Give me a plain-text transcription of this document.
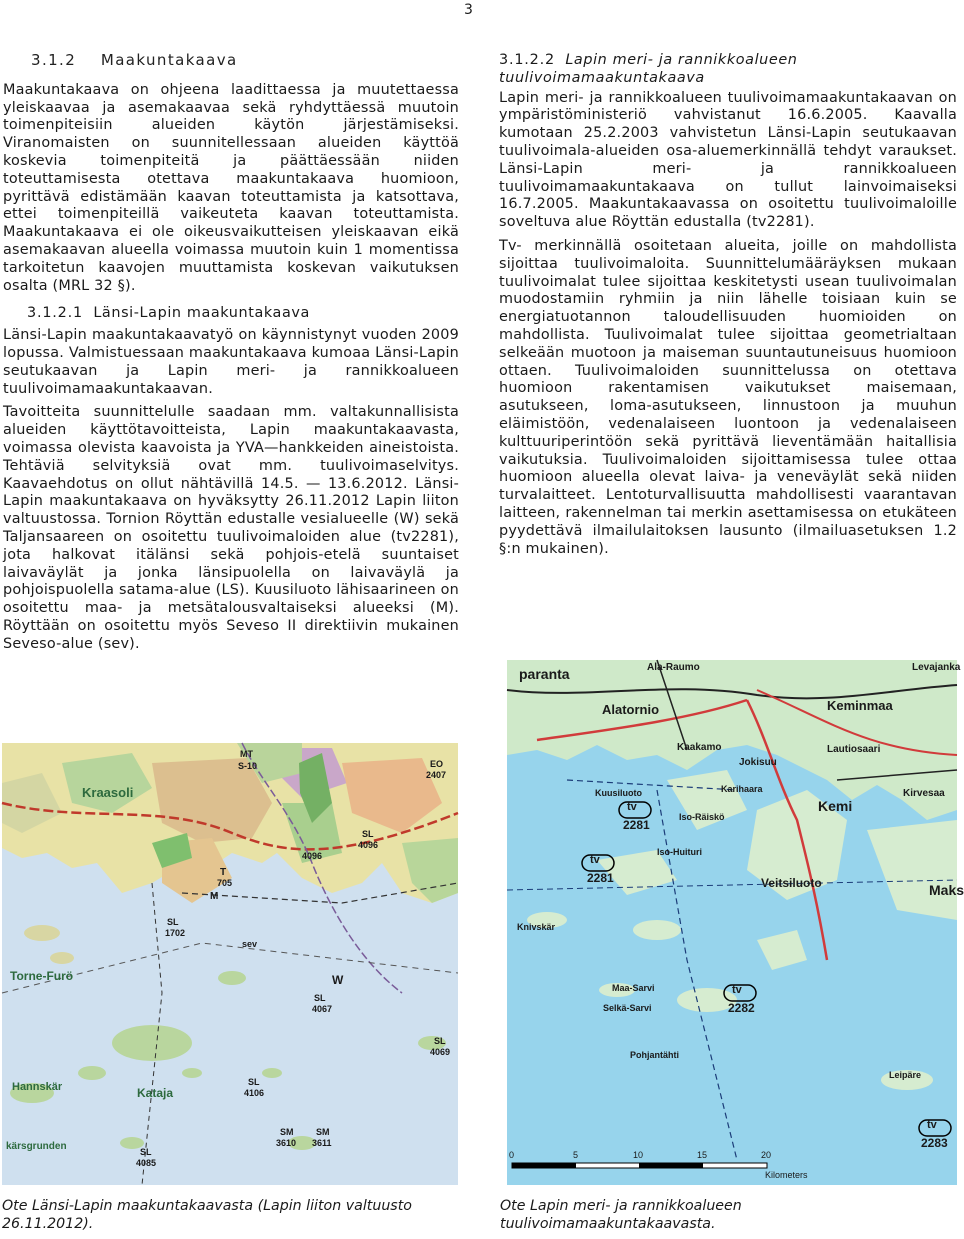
3
3.1.2 Maakuntakaava

Maakuntakaava on ohjeena laadittaessa ja muutettaessa yleiskaavaa ja asemakaavaa sekä ryhdyttäessä muutoin toimenpiteisiin alueiden käytön järjestämiseksi. Viranomaisten on suunnitellessaan alueiden käyttöä koskevia toimenpiteitä ja päättäessään niiden toteuttamisesta otettava maakuntakaava huomioon, pyrittävä edistämään kaavan toteuttamista ja katsottava, ettei toimenpiteillä vaikeuteta kaavan toteuttamista. Maakuntakaava ei ole oikeusvaikutteisen yleiskaavan eikä asemakaavan alueella voimassa muutoin kuin 1 momentissa tarkoitetun kaavojen muuttamista koskevan vaikutuksen osalta (MRL 32 §).

3.1.2.1 Länsi-Lapin maakuntakaava

Länsi-Lapin maakuntakaavatyö on käynnistynyt vuoden 2009 lopussa. Valmistuessaan maakuntakaava kumoaa Länsi-Lapin seutukaavan ja Lapin meri- ja rannikkoalueen tuulivoimamaakuntakaavan.

Tavoitteita suunnittelulle saadaan mm. valtakunnallisista alueiden käyttötavoitteista, Lapin maakuntakaavasta, voimassa olevista kaavoista ja YVA—hankkeiden aineistoista. Tehtäviä selvityksiä ovat mm. tuulivoimaselvitys. Kaavaehdotus on ollut nähtävillä 14.5. — 13.6.2012. Länsi-Lapin maakuntakaava on hyväksytty 26.11.2012 Lapin liiton valtuustossa. Tornion Röyttän edustalle vesialueelle (W) sekä Taljansaareen on osoitettu tuulivoimaloiden alue (tv2281), jota halkovat itälänsi sekä pohjois-etelä suuntaiset laivaväylät ja jonka länsipuolella on laivaväylä ja pohjoispuolella satama-alue (LS). Kuusiluoto lähisaarineen on osoitettu maa- ja metsätalousvaltaiseksi alueeksi (M). Röyttään on osoitettu myös Seveso II direktiivin mukainen Seveso-alue (sev).

3.1.2.2 Lapin meri- ja rannikkoalueen tuulivoimamaakuntakaava

Lapin meri- ja rannikkoalueen tuulivoimamaakuntakaavan on ympäristöministeriö vahvistanut 16.6.2005. Kaavalla kumotaan 25.2.2003 vahvistetun Länsi-Lapin seutukaavan tuulivoimala-alueiden osa-aluemerkinnällä tehdyt varaukset. Länsi-Lapin meri- ja rannikkoalueen tuulivoimamaakuntakaava on tullut lainvoimaiseksi 16.7.2005. Maakuntakaavassa on osoitettu tuulivoimaloille soveltuva alue Röyttän edustalla (tv2281).

Tv- merkinnällä osoitetaan alueita, joille on mahdollista sijoittaa tuulivoimaloita. Suunnittelumääräyksen mukaan tuulivoimalat tulee sijoittaa keskitetysti usean tuulivoimalan muodostamiin ryhmiin ja niin lähelle toisiaan kuin se energiatuotannon taloudellisuuden huomioiden on mahdollista. Tuulivoimalat tulee sijoittaa geometrialtaan selkeään muotoon ja maiseman suuntautuneisuus huomioon ottaen. Tuulivoimaloiden suunnittelussa on otettava huomioon rakentamisen vaikutukset maisemaan, asutukseen, loma-asutukseen, linnustoon ja muuhun eläimistöön, vedenalaiseen luontoon ja vedenalaiseen kulttuuriperintöön sekä pyrittävä lieventämään haitallisia vaikutuksia. Tuulivoimaloiden sijoittamisessa tulee ottaa huomioon alueella olevat laiva- ja veneväylät sekä niiden turvalaitteet. Lentoturvallisuutta mahdollisesti vaarantavan laitteen, rakennelman tai merkin asettamisessa on etukäteen pyydettävä ilmailulaitoksen lausunto (ilmailuasetuksen 1.2 §:n mukainen).

paranta	Ala-Raumo
Alatornio	Keminmaa
Levajanka
Kaakamo
Jokisuu
Lautiosaari
Karihaara
Kuusiluoto
Kemi
Kirvesaa
Iso-Räiskö
Iso-Huituri
Veitsiluoto	Maks
Knivskär
Maa-Sarvi
Selkä-Sarvi
Pohjantähti
Leipäre
tv
2281
tv
2281
tv
2282
tv
2283
0	5	10	15	20
Kilometers
Kraasoli
Torne-Furö
Kataja
Hannskär
kärsgrunden
MT
S-10	EO
2407
SL
4096
4096
T
705
SL
1702
M
sev
W
SL
4067
SL
4069
SL
4106
SL
4085
SM
3610
SM
3611
Ote Länsi-Lapin maakuntakaavasta (Lapin liiton valtuusto 26.11.2012).
Ote Lapin meri- ja rannikkoalueen tuulivoimamaakuntakaavasta.
